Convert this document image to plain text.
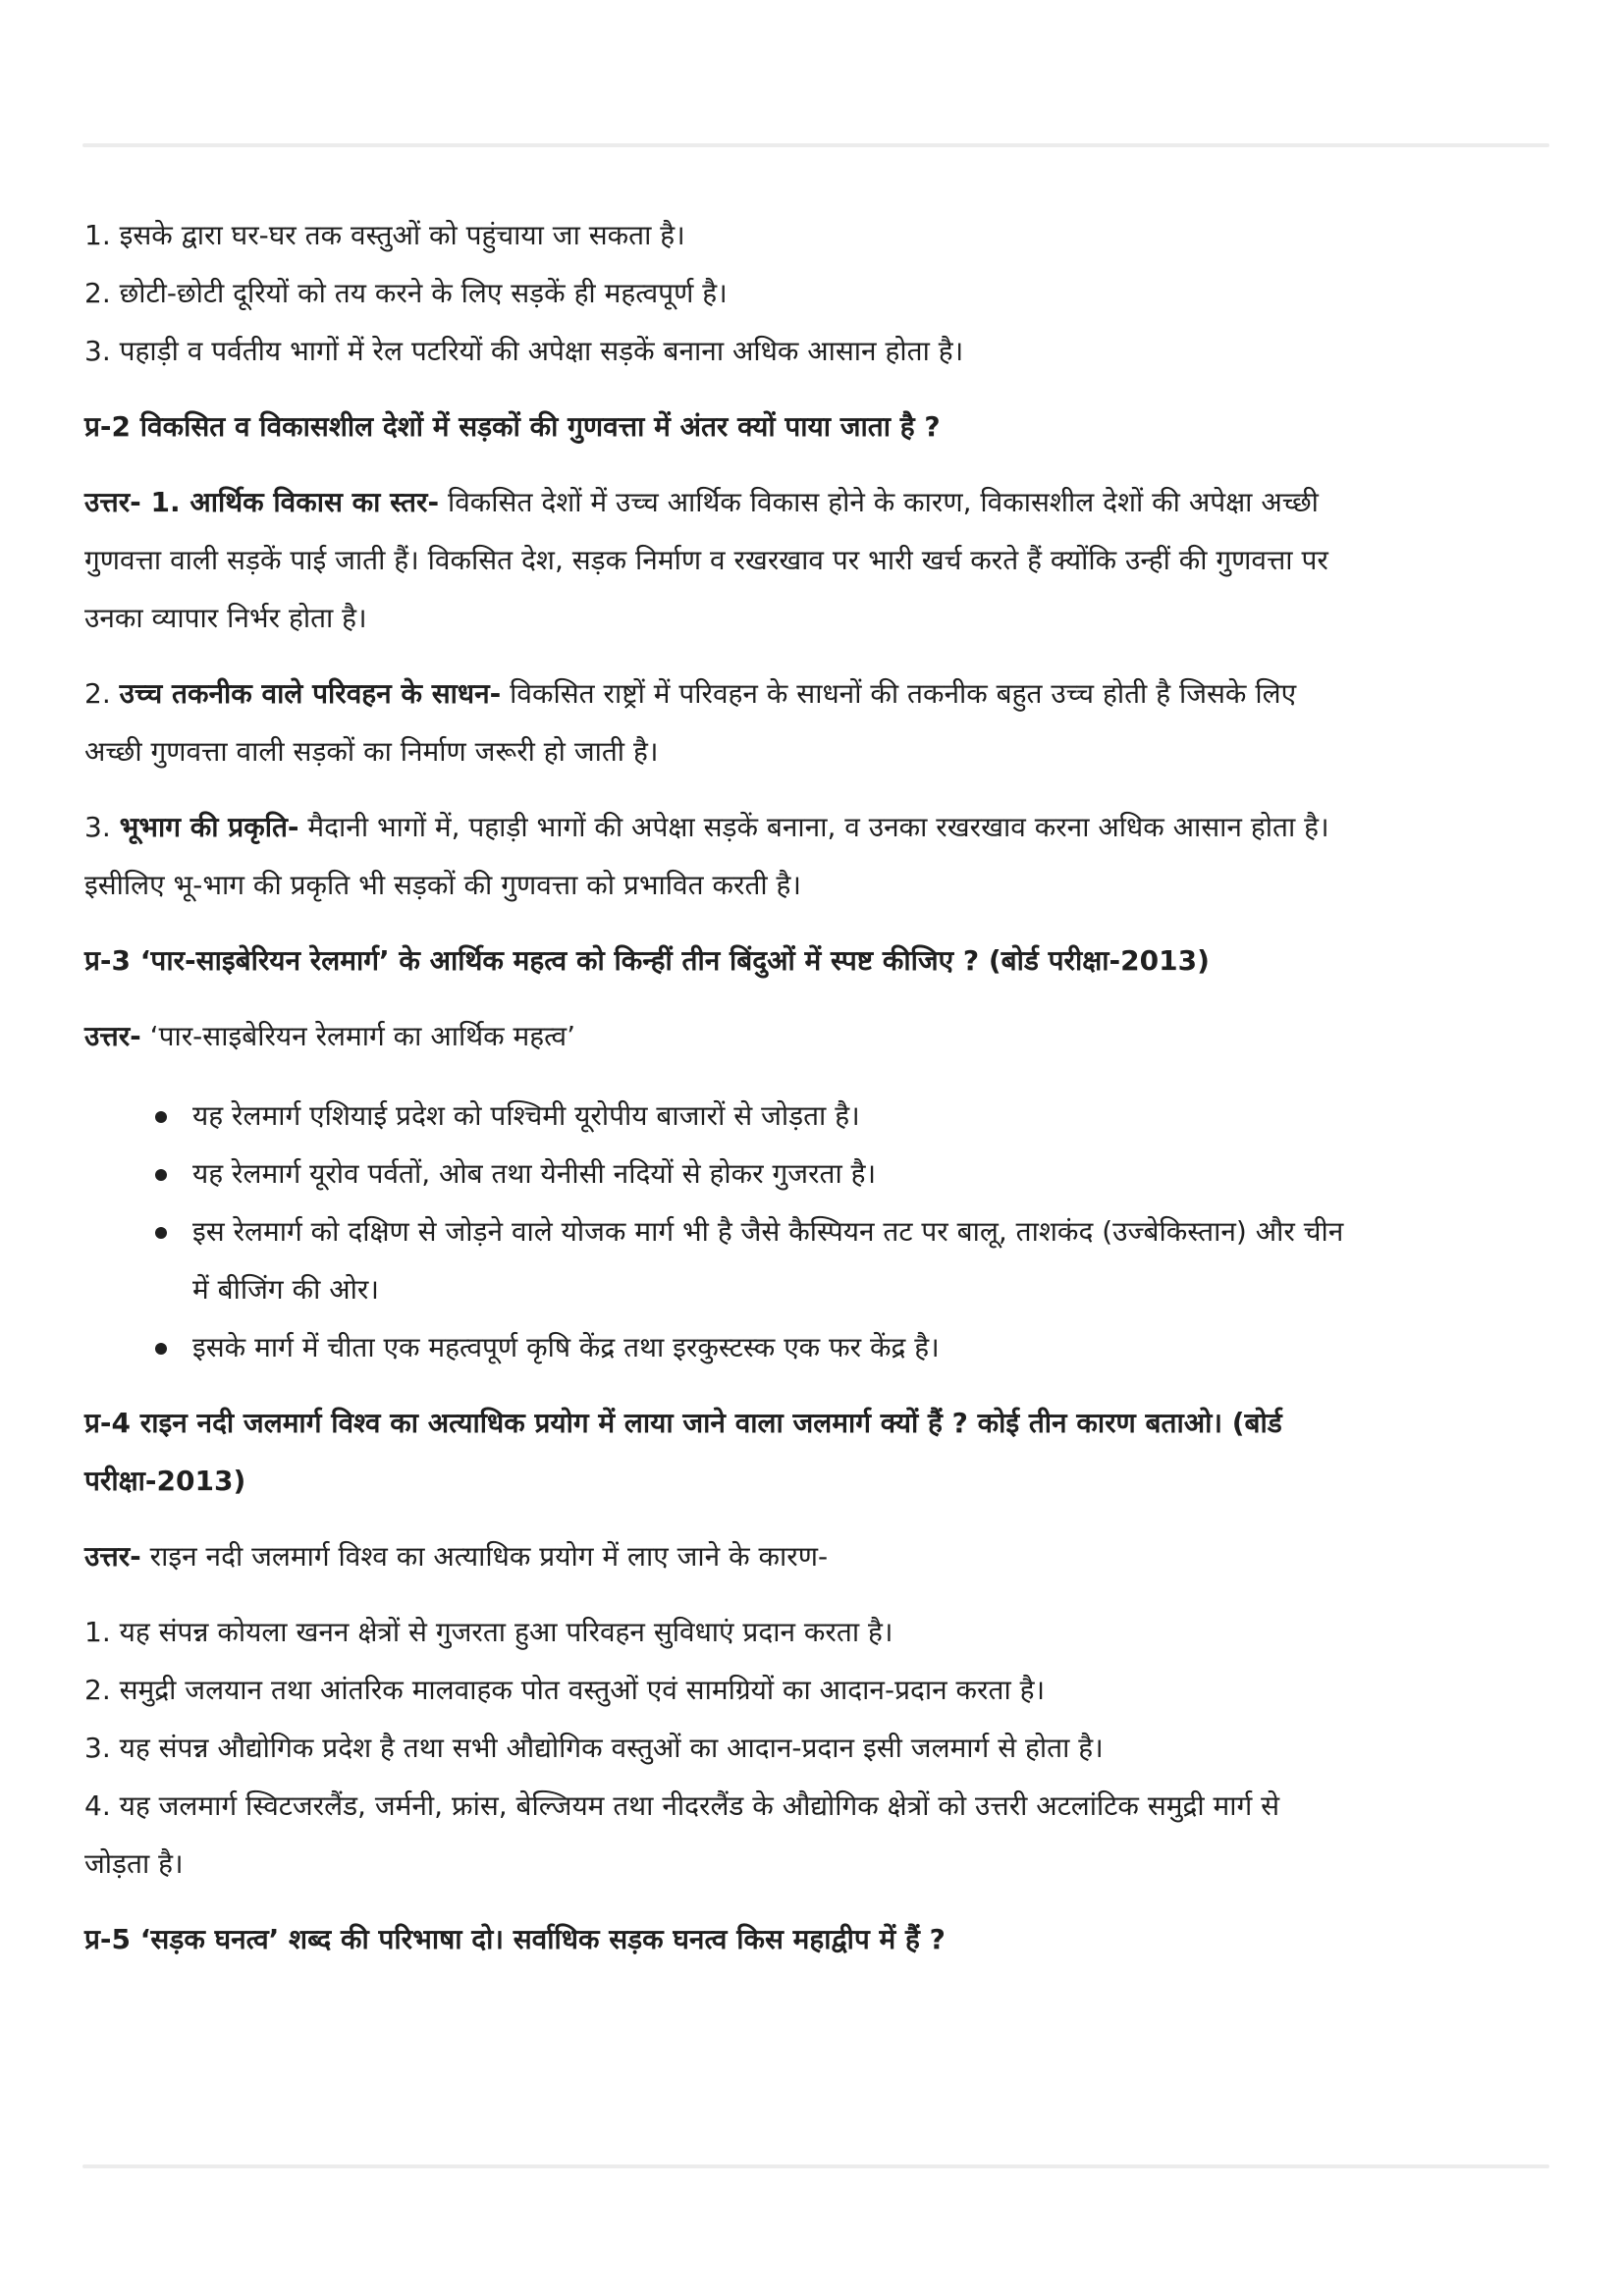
1. इसके द्वारा घर-घर तक वस्तुओं को पहुंचाया जा सकता है।

2. छोटी-छोटी दूरियों को तय करने के लिए सड़कें ही महत्वपूर्ण है।

3. पहाड़ी व पर्वतीय भागों में रेल पटरियों की अपेक्षा सड़कें बनाना अधिक आसान होता है।

प्र-2 विकसित व विकासशील देशों में सड़कों की गुणवत्ता में अंतर क्यों पाया जाता है ?

उत्तर- 1. आर्थिक विकास का स्तर- विकसित देशों में उच्च आर्थिक विकास होने के कारण, विकासशील देशों की अपेक्षा अच्छी
गुणवत्ता वाली सड़कें पाई जाती हैं। विकसित देश, सड़क निर्माण व रखरखाव पर भारी खर्च करते हैं क्योंकि उन्हीं की गुणवत्ता पर
उनका व्यापार निर्भर होता है।

2. उच्च तकनीक वाले परिवहन के साधन- विकसित राष्ट्रों में परिवहन के साधनों की तकनीक बहुत उच्च होती है जिसके लिए
अच्छी गुणवत्ता वाली सड़कों का निर्माण जरूरी हो जाती है।

3. भूभाग की प्रकृति- मैदानी भागों में, पहाड़ी भागों की अपेक्षा सड़कें बनाना, व उनका रखरखाव करना अधिक आसान होता है।
इसीलिए भू-भाग की प्रकृति भी सड़कों की गुणवत्ता को प्रभावित करती है।

प्र-3 ‘पार-साइबेरियन रेलमार्ग’ के आर्थिक महत्व को किन्हीं तीन बिंदुओं में स्पष्ट कीजिए ? (बोर्ड परीक्षा-2013)

उत्तर- ‘पार-साइबेरियन रेलमार्ग का आर्थिक महत्व’

यह रेलमार्ग एशियाई प्रदेश को पश्चिमी यूरोपीय बाजारों से जोड़ता है।
यह रेलमार्ग यूरोव पर्वतों, ओब तथा येनीसी नदियों से होकर गुजरता है।
इस रेलमार्ग को दक्षिण से जोड़ने वाले योजक मार्ग भी है जैसे कैस्पियन तट पर बालू, ताशकंद (उज्बेकिस्तान) और चीन
में बीजिंग की ओर।
इसके मार्ग में चीता एक महत्वपूर्ण कृषि केंद्र तथा इरकुस्टस्क एक फर केंद्र है।

प्र-4 राइन नदी जलमार्ग विश्व का अत्याधिक प्रयोग में लाया जाने वाला जलमार्ग क्यों हैं ? कोई तीन कारण बताओ। (बोर्ड
परीक्षा-2013)

उत्तर- राइन नदी जलमार्ग विश्व का अत्याधिक प्रयोग में लाए जाने के कारण-

1. यह संपन्न कोयला खनन क्षेत्रों से गुजरता हुआ परिवहन सुविधाएं प्रदान करता है।

2. समुद्री जलयान तथा आंतरिक मालवाहक पोत वस्तुओं एवं सामग्रियों का आदान-प्रदान करता है।

3. यह संपन्न औद्योगिक प्रदेश है तथा सभी औद्योगिक वस्तुओं का आदान-प्रदान इसी जलमार्ग से होता है।

4. यह जलमार्ग स्विटजरलैंड, जर्मनी, फ्रांस, बेल्जियम तथा नीदरलैंड के औद्योगिक क्षेत्रों को उत्तरी अटलांटिक समुद्री मार्ग से
जोड़ता है।

प्र-5 ‘सड़क घनत्व’ शब्द की परिभाषा दो। सर्वाधिक सड़क घनत्व किस महाद्वीप में हैं ?
